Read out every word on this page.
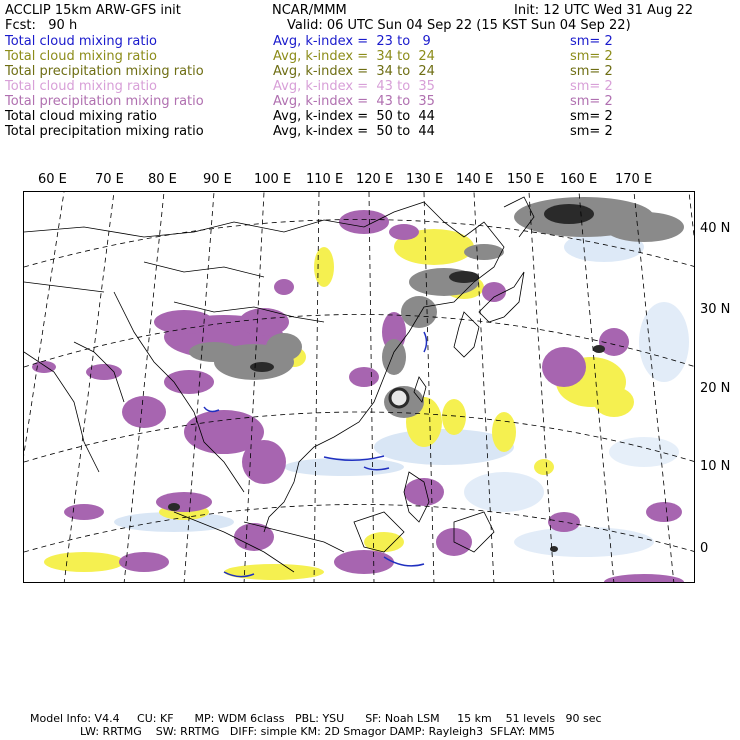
ACCLIP 15km ARW-GFS init	NCAR/MMM	Init: 12 UTC Wed 31 Aug 22
Fcst:   90 h	Valid: 06 UTC Sun 04 Sep 22 (15 KST Sun 04 Sep 22)
Total cloud mixing ratio	Avg, k-index =  23 to   9	sm= 2
Total cloud mixing ratio	Avg, k-index =  34 to  24	sm= 2
Total precipitation mixing ratio	Avg, k-index =  34 to  24	sm= 2
Total cloud mixing ratio	Avg, k-index =  43 to  35	sm= 2
Total precipitation mixing ratio	Avg, k-index =  43 to  35	sm= 2
Total cloud mixing ratio	Avg, k-index =  50 to  44	sm= 2
Total precipitation mixing ratio	Avg, k-index =  50 to  44	sm= 2
60 E 70 E 80 E 90 E 100 E 110 E 120 E 130 E 140 E 150 E 160 E 170 E
40 N
30 N
20 N
10 N
0
Model Info: V4.4     CU: KF      MP: WDM 6class   PBL: YSU      SF: Noah LSM     15 km    51 levels   90 sec
LW: RRTMG    SW: RRTMG   DIFF: simple KM: 2D Smagor DAMP: Rayleigh3  SFLAY: MM5
